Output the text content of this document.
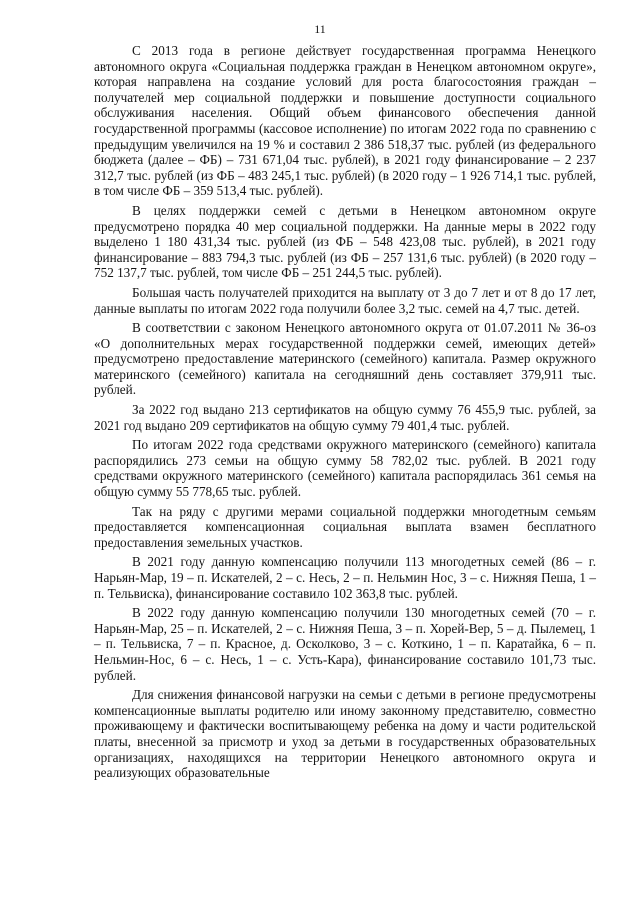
11

С 2013 года в регионе действует государственная программа Ненецкого автономного округа «Социальная поддержка граждан в Ненецком автономном округе», которая направлена на создание условий для роста благосостояния граждан – получателей мер социальной поддержки и повышение доступности социального обслуживания населения. Общий объем финансового обеспечения данной государственной программы (кассовое исполнение) по итогам 2022 года по сравнению с предыдущим увеличился на 19 % и составил 2 386 518,37 тыс. рублей (из федерального бюджета (далее – ФБ) – 731 671,04 тыс. рублей), в 2021 году финансирование – 2 237 312,7 тыс. рублей (из ФБ – 483 245,1 тыс. рублей) (в 2020 году – 1 926 714,1 тыс. рублей, в том числе ФБ – 359 513,4 тыс. рублей).

В целях поддержки семей с детьми в Ненецком автономном округе предусмотрено порядка 40 мер социальной поддержки. На данные меры в 2022 году выделено 1 180 431,34 тыс. рублей (из ФБ – 548 423,08 тыс. рублей), в 2021 году финансирование – 883 794,3 тыс. рублей (из ФБ – 257 131,6 тыс. рублей) (в 2020 году – 752 137,7 тыс. рублей, том числе ФБ – 251 244,5 тыс. рублей).

Большая часть получателей приходится на выплату от 3 до 7 лет и от 8 до 17 лет, данные выплаты по итогам 2022 года получили более 3,2 тыс. семей на 4,7 тыс. детей.

В соответствии с законом Ненецкого автономного округа от 01.07.2011 № 36-оз «О дополнительных мерах государственной поддержки семей, имеющих детей» предусмотрено предоставление материнского (семейного) капитала. Размер окружного материнского (семейного) капитала на сегодняшний день составляет 379,911 тыс. рублей.

За 2022 год выдано 213 сертификатов на общую сумму 76 455,9 тыс. рублей, за 2021 год выдано 209 сертификатов на общую сумму 79 401,4 тыс. рублей.

По итогам 2022 года средствами окружного материнского (семейного) капитала распорядились 273 семьи на общую сумму 58 782,02 тыс. рублей. В 2021 году средствами окружного материнского (семейного) капитала распорядилась 361 семья на общую сумму 55 778,65 тыс. рублей.

Так на ряду с другими мерами социальной поддержки многодетным семьям предоставляется компенсационная социальная выплата взамен бесплатного предоставления земельных участков.

В 2021 году данную компенсацию получили 113 многодетных семей (86 – г. Нарьян-Мар, 19 – п. Искателей, 2 – с. Несь, 2 – п. Нельмин Нос, 3 – с. Нижняя Пеша, 1 – п. Тельвиска), финансирование составило 102 363,8 тыс. рублей.

В 2022 году данную компенсацию получили 130 многодетных семей (70 – г. Нарьян-Мар, 25 – п. Искателей, 2 – с. Нижняя Пеша, 3 – п. Хорей-Вер, 5 – д. Пылемец, 1 – п. Тельвиска, 7 – п. Красное, д. Осколково, 3 – с. Коткино, 1 – п. Каратайка, 6 – п. Нельмин-Нос, 6 – с. Несь, 1 – с. Усть-Кара), финансирование составило 101,73 тыс. рублей.

Для снижения финансовой нагрузки на семьи с детьми в регионе предусмотрены компенсационные выплаты родителю или иному законному представителю, совместно проживающему и фактически воспитывающему ребенка на дому и части родительской платы, внесенной за присмотр и уход за детьми в государственных образовательных организациях, находящихся на территории Ненецкого автономного округа и реализующих образовательные
